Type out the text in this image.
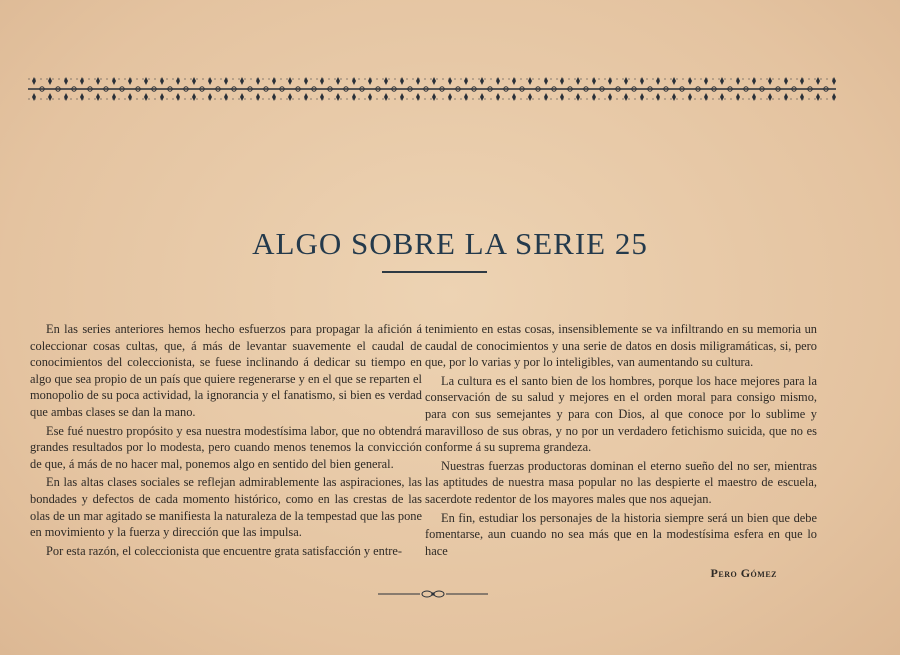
ALGO SOBRE LA SERIE 25

En las series anteriores hemos hecho esfuerzos para propagar la afición á coleccionar cosas cultas, que, á más de levantar suavemente el caudal de conocimientos del coleccionista, se fuese inclinando á dedicar su tiempo en algo que sea propio de un país que quiere regenerarse y en el que se reparten el monopolio de su poca actividad, la ignorancia y el fanatismo, si bien es verdad que ambas clases se dan la mano.

Ese fué nuestro propósito y esa nuestra modestísima labor, que no obtendrá grandes resultados por lo modesta, pero cuando menos tenemos la convicción de que, á más de no hacer mal, ponemos algo en sentido del bien general.

En las altas clases sociales se reflejan admirablemente las aspiraciones, las bondades y defectos de cada momento histórico, como en las crestas de las olas de un mar agitado se manifiesta la naturaleza de la tempestad que las pone en movimiento y la fuerza y dirección que las impulsa.

Por esta razón, el coleccionista que encuentre grata satisfacción y entre-

tenimiento en estas cosas, insensiblemente se va infiltrando en su memoria un caudal de conocimientos y una serie de datos en dosis miligramáticas, si, pero que, por lo varias y por lo inteligibles, van aumentando su cultura.

La cultura es el santo bien de los hombres, porque los hace mejores para la conservación de su salud y mejores en el orden moral para consigo mismo, para con sus semejantes y para con Dios, al que conoce por lo sublime y maravilloso de sus obras, y no por un verdadero fetichismo suicida, que no es conforme á su suprema grandeza.

Nuestras fuerzas productoras dominan el eterno sueño del no ser, mientras las aptitudes de nuestra masa popular no las despierte el maestro de escuela, sacerdote redentor de los mayores males que nos aquejan.

En fin, estudiar los personajes de la historia siempre será un bien que debe fomentarse, aun cuando no sea más que en la modestísima esfera en que lo hace

Pero Gómez
